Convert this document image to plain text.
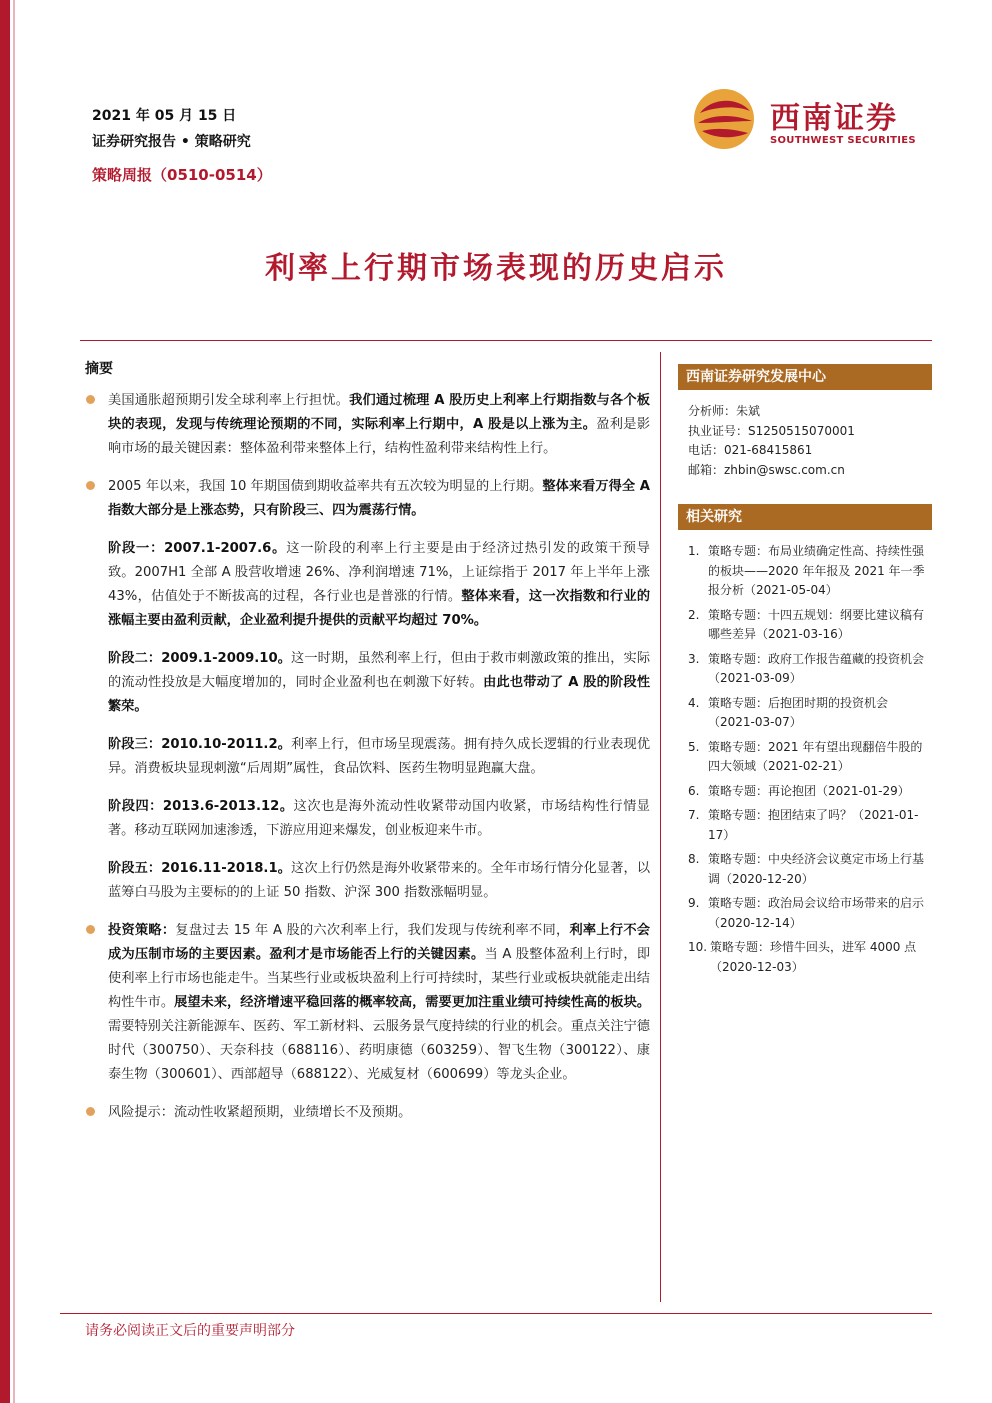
2021 年 05 月 15 日
证券研究报告 • 策略研究
策略周报（0510-0514）
西南证券
SOUTHWEST SECURITIES
利率上行期市场表现的历史启示
摘要
美国通胀超预期引发全球利率上行担忧。我们通过梳理 A 股历史上利率上行期指数与各个板块的表现，发现与传统理论预期的不同，实际利率上行期中，A 股是以上涨为主。盈利是影响市场的最关键因素：整体盈利带来整体上行，结构性盈利带来结构性上行。
2005 年以来，我国 10 年期国债到期收益率共有五次较为明显的上行期。整体来看万得全 A 指数大部分是上涨态势，只有阶段三、四为震荡行情。
阶段一：2007.1-2007.6。这一阶段的利率上行主要是由于经济过热引发的政策干预导致。2007H1 全部 A 股营收增速 26%、净利润增速 71%，上证综指于 2017 年上半年上涨 43%，估值处于不断拔高的过程，各行业也是普涨的行情。整体来看，这一次指数和行业的涨幅主要由盈利贡献，企业盈利提升提供的贡献平均超过 70%。
阶段二：2009.1-2009.10。这一时期，虽然利率上行，但由于救市刺激政策的推出，实际的流动性投放是大幅度增加的，同时企业盈利也在刺激下好转。由此也带动了 A 股的阶段性繁荣。
阶段三：2010.10-2011.2。利率上行，但市场呈现震荡。拥有持久成长逻辑的行业表现优异。消费板块显现刺激“后周期”属性，食品饮料、医药生物明显跑赢大盘。
阶段四：2013.6-2013.12。这次也是海外流动性收紧带动国内收紧，市场结构性行情显著。移动互联网加速渗透，下游应用迎来爆发，创业板迎来牛市。
阶段五：2016.11-2018.1。这次上行仍然是海外收紧带来的。全年市场行情分化显著，以蓝筹白马股为主要标的的上证 50 指数、沪深 300 指数涨幅明显。
投资策略：复盘过去 15 年 A 股的六次利率上行，我们发现与传统利率不同，利率上行不会成为压制市场的主要因素。盈利才是市场能否上行的关键因素。当 A 股整体盈利上行时，即使利率上行市场也能走牛。当某些行业或板块盈利上行可持续时，某些行业或板块就能走出结构性牛市。展望未来，经济增速平稳回落的概率较高，需要更加注重业绩可持续性高的板块。需要特别关注新能源车、医药、军工新材料、云服务景气度持续的行业的机会。重点关注宁德时代（300750）、天奈科技（688116）、药明康德（603259）、智飞生物（300122）、康泰生物（300601）、西部超导（688122）、光威复材（600699）等龙头企业。
风险提示：流动性收紧超预期，业绩增长不及预期。
西南证券研究发展中心
分析师：朱斌
执业证号：S1250515070001
电话：021-68415861
邮箱：zhbin@swsc.com.cn
相关研究
1. 策略专题：布局业绩确定性高、持续性强的板块——2020 年年报及 2021 年一季报分析（2021-05-04）
2. 策略专题：十四五规划：纲要比建议稿有哪些差异（2021-03-16）
3. 策略专题：政府工作报告蕴藏的投资机会（2021-03-09）
4. 策略专题：后抱团时期的投资机会（2021-03-07）
5. 策略专题：2021 年有望出现翻倍牛股的四大领域（2021-02-21）
6. 策略专题：再论抱团（2021-01-29）
7. 策略专题：抱团结束了吗？（2021-01-17）
8. 策略专题：中央经济会议奠定市场上行基调（2020-12-20）
9. 策略专题：政治局会议给市场带来的启示（2020-12-14）
10. 策略专题：珍惜牛回头，进军 4000 点（2020-12-03）
请务必阅读正文后的重要声明部分
